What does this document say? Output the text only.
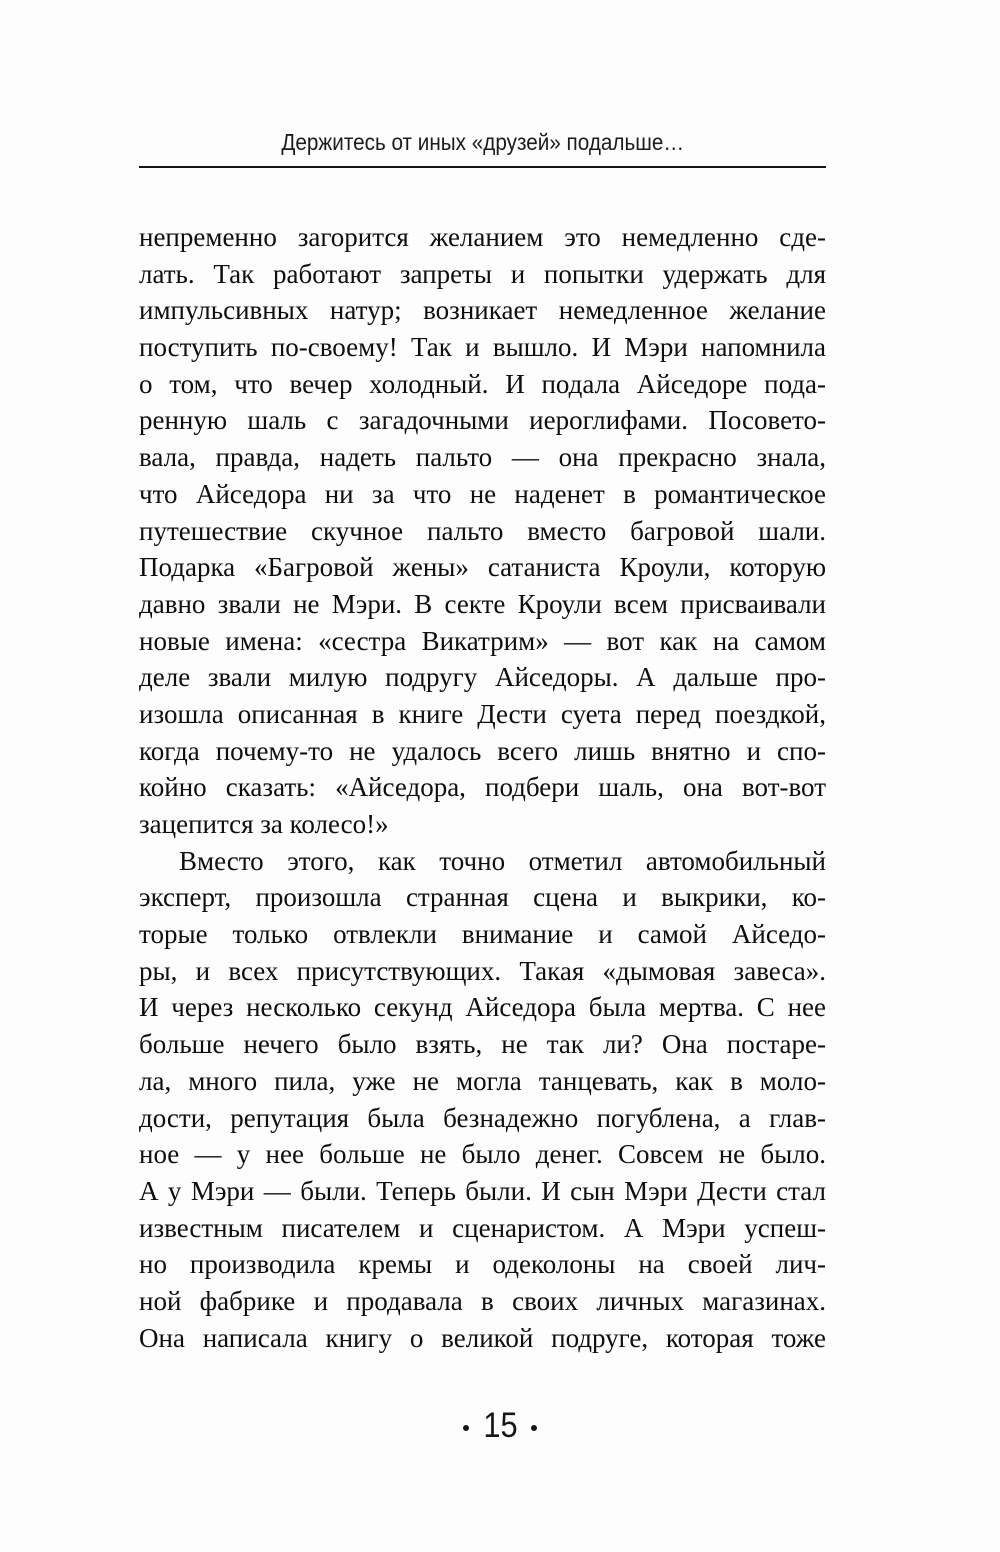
Держитесь от иных «друзей» подальше…
непременно загорится желанием это немедленно сде-
лать. Так работают запреты и попытки удержать для
импульсивных натур; возникает немедленное желание
поступить по-своему! Так и вышло. И Мэри напомнила
о том, что вечер холодный. И подала Айседоре пода-
ренную шаль с загадочными иероглифами. Посовето-
вала, правда, надеть пальто — она прекрасно знала,
что Айседора ни за что не наденет в романтическое
путешествие скучное пальто вместо багровой шали.
Подарка «Багровой жены» сатаниста Кроули, которую
давно звали не Мэри. В секте Кроули всем присваивали
новые имена: «сестра Викатрим» — вот как на самом
деле звали милую подругу Айседоры. А дальше про-
изошла описанная в книге Дести суета перед поездкой,
когда почему-то не удалось всего лишь внятно и спо-
койно сказать: «Айседора, подбери шаль, она вот-вот
зацепится за колесо!»
Вместо этого, как точно отметил автомобильный
эксперт, произошла странная сцена и выкрики, ко-
торые только отвлекли внимание и самой Айседо-
ры, и всех присутствующих. Такая «дымовая завеса».
И через несколько секунд Айседора была мертва. С нее
больше нечего было взять, не так ли? Она постаре-
ла, много пила, уже не могла танцевать, как в моло-
дости, репутация была безнадежно погублена, а глав-
ное — у нее больше не было денег. Совсем не было.
А у Мэри — были. Теперь были. И сын Мэри Дести стал
известным писателем и сценаристом. А Мэри успеш-
но производила кремы и одеколоны на своей лич-
ной фабрике и продавала в своих личных магазинах.
Она написала книгу о великой подруге, которая тоже
15
